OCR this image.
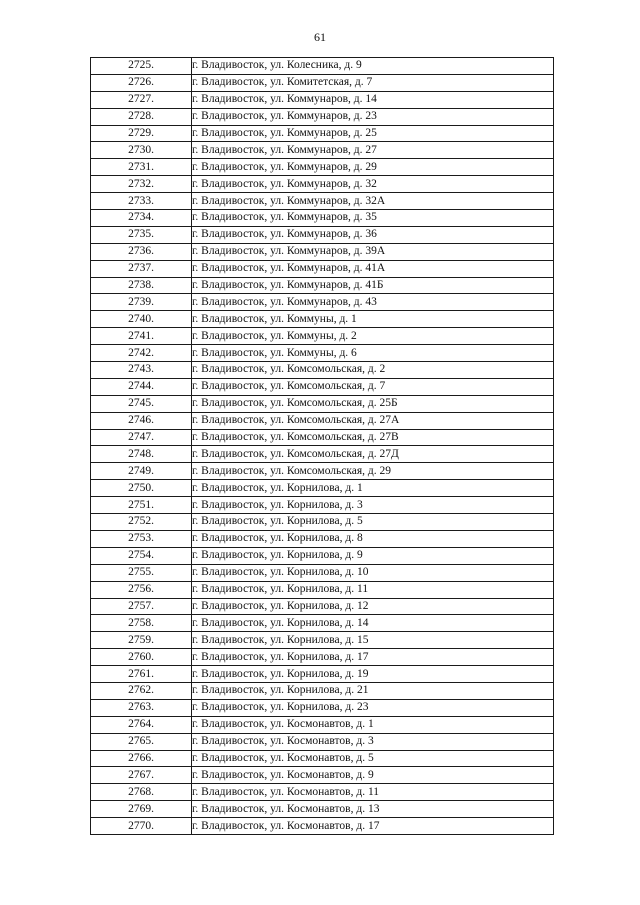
61
2725.	г. Владивосток, ул. Колесника, д. 9
2726.	г. Владивосток, ул. Комитетская, д. 7
2727.	г. Владивосток, ул. Коммунаров, д. 14
2728.	г. Владивосток, ул. Коммунаров, д. 23
2729.	г. Владивосток, ул. Коммунаров, д. 25
2730.	г. Владивосток, ул. Коммунаров, д. 27
2731.	г. Владивосток, ул. Коммунаров, д. 29
2732.	г. Владивосток, ул. Коммунаров, д. 32
2733.	г. Владивосток, ул. Коммунаров, д. 32А
2734.	г. Владивосток, ул. Коммунаров, д. 35
2735.	г. Владивосток, ул. Коммунаров, д. 36
2736.	г. Владивосток, ул. Коммунаров, д. 39А
2737.	г. Владивосток, ул. Коммунаров, д. 41А
2738.	г. Владивосток, ул. Коммунаров, д. 41Б
2739.	г. Владивосток, ул. Коммунаров, д. 43
2740.	г. Владивосток, ул. Коммуны, д. 1
2741.	г. Владивосток, ул. Коммуны, д. 2
2742.	г. Владивосток, ул. Коммуны, д. 6
2743.	г. Владивосток, ул. Комсомольская, д. 2
2744.	г. Владивосток, ул. Комсомольская, д. 7
2745.	г. Владивосток, ул. Комсомольская, д. 25Б
2746.	г. Владивосток, ул. Комсомольская, д. 27А
2747.	г. Владивосток, ул. Комсомольская, д. 27В
2748.	г. Владивосток, ул. Комсомольская, д. 27Д
2749.	г. Владивосток, ул. Комсомольская, д. 29
2750.	г. Владивосток, ул. Корнилова, д. 1
2751.	г. Владивосток, ул. Корнилова, д. 3
2752.	г. Владивосток, ул. Корнилова, д. 5
2753.	г. Владивосток, ул. Корнилова, д. 8
2754.	г. Владивосток, ул. Корнилова, д. 9
2755.	г. Владивосток, ул. Корнилова, д. 10
2756.	г. Владивосток, ул. Корнилова, д. 11
2757.	г. Владивосток, ул. Корнилова, д. 12
2758.	г. Владивосток, ул. Корнилова, д. 14
2759.	г. Владивосток, ул. Корнилова, д. 15
2760.	г. Владивосток, ул. Корнилова, д. 17
2761.	г. Владивосток, ул. Корнилова, д. 19
2762.	г. Владивосток, ул. Корнилова, д. 21
2763.	г. Владивосток, ул. Корнилова, д. 23
2764.	г. Владивосток, ул. Космонавтов, д. 1
2765.	г. Владивосток, ул. Космонавтов, д. 3
2766.	г. Владивосток, ул. Космонавтов, д. 5
2767.	г. Владивосток, ул. Космонавтов, д. 9
2768.	г. Владивосток, ул. Космонавтов, д. 11
2769.	г. Владивосток, ул. Космонавтов, д. 13
2770.	г. Владивосток, ул. Космонавтов, д. 17
